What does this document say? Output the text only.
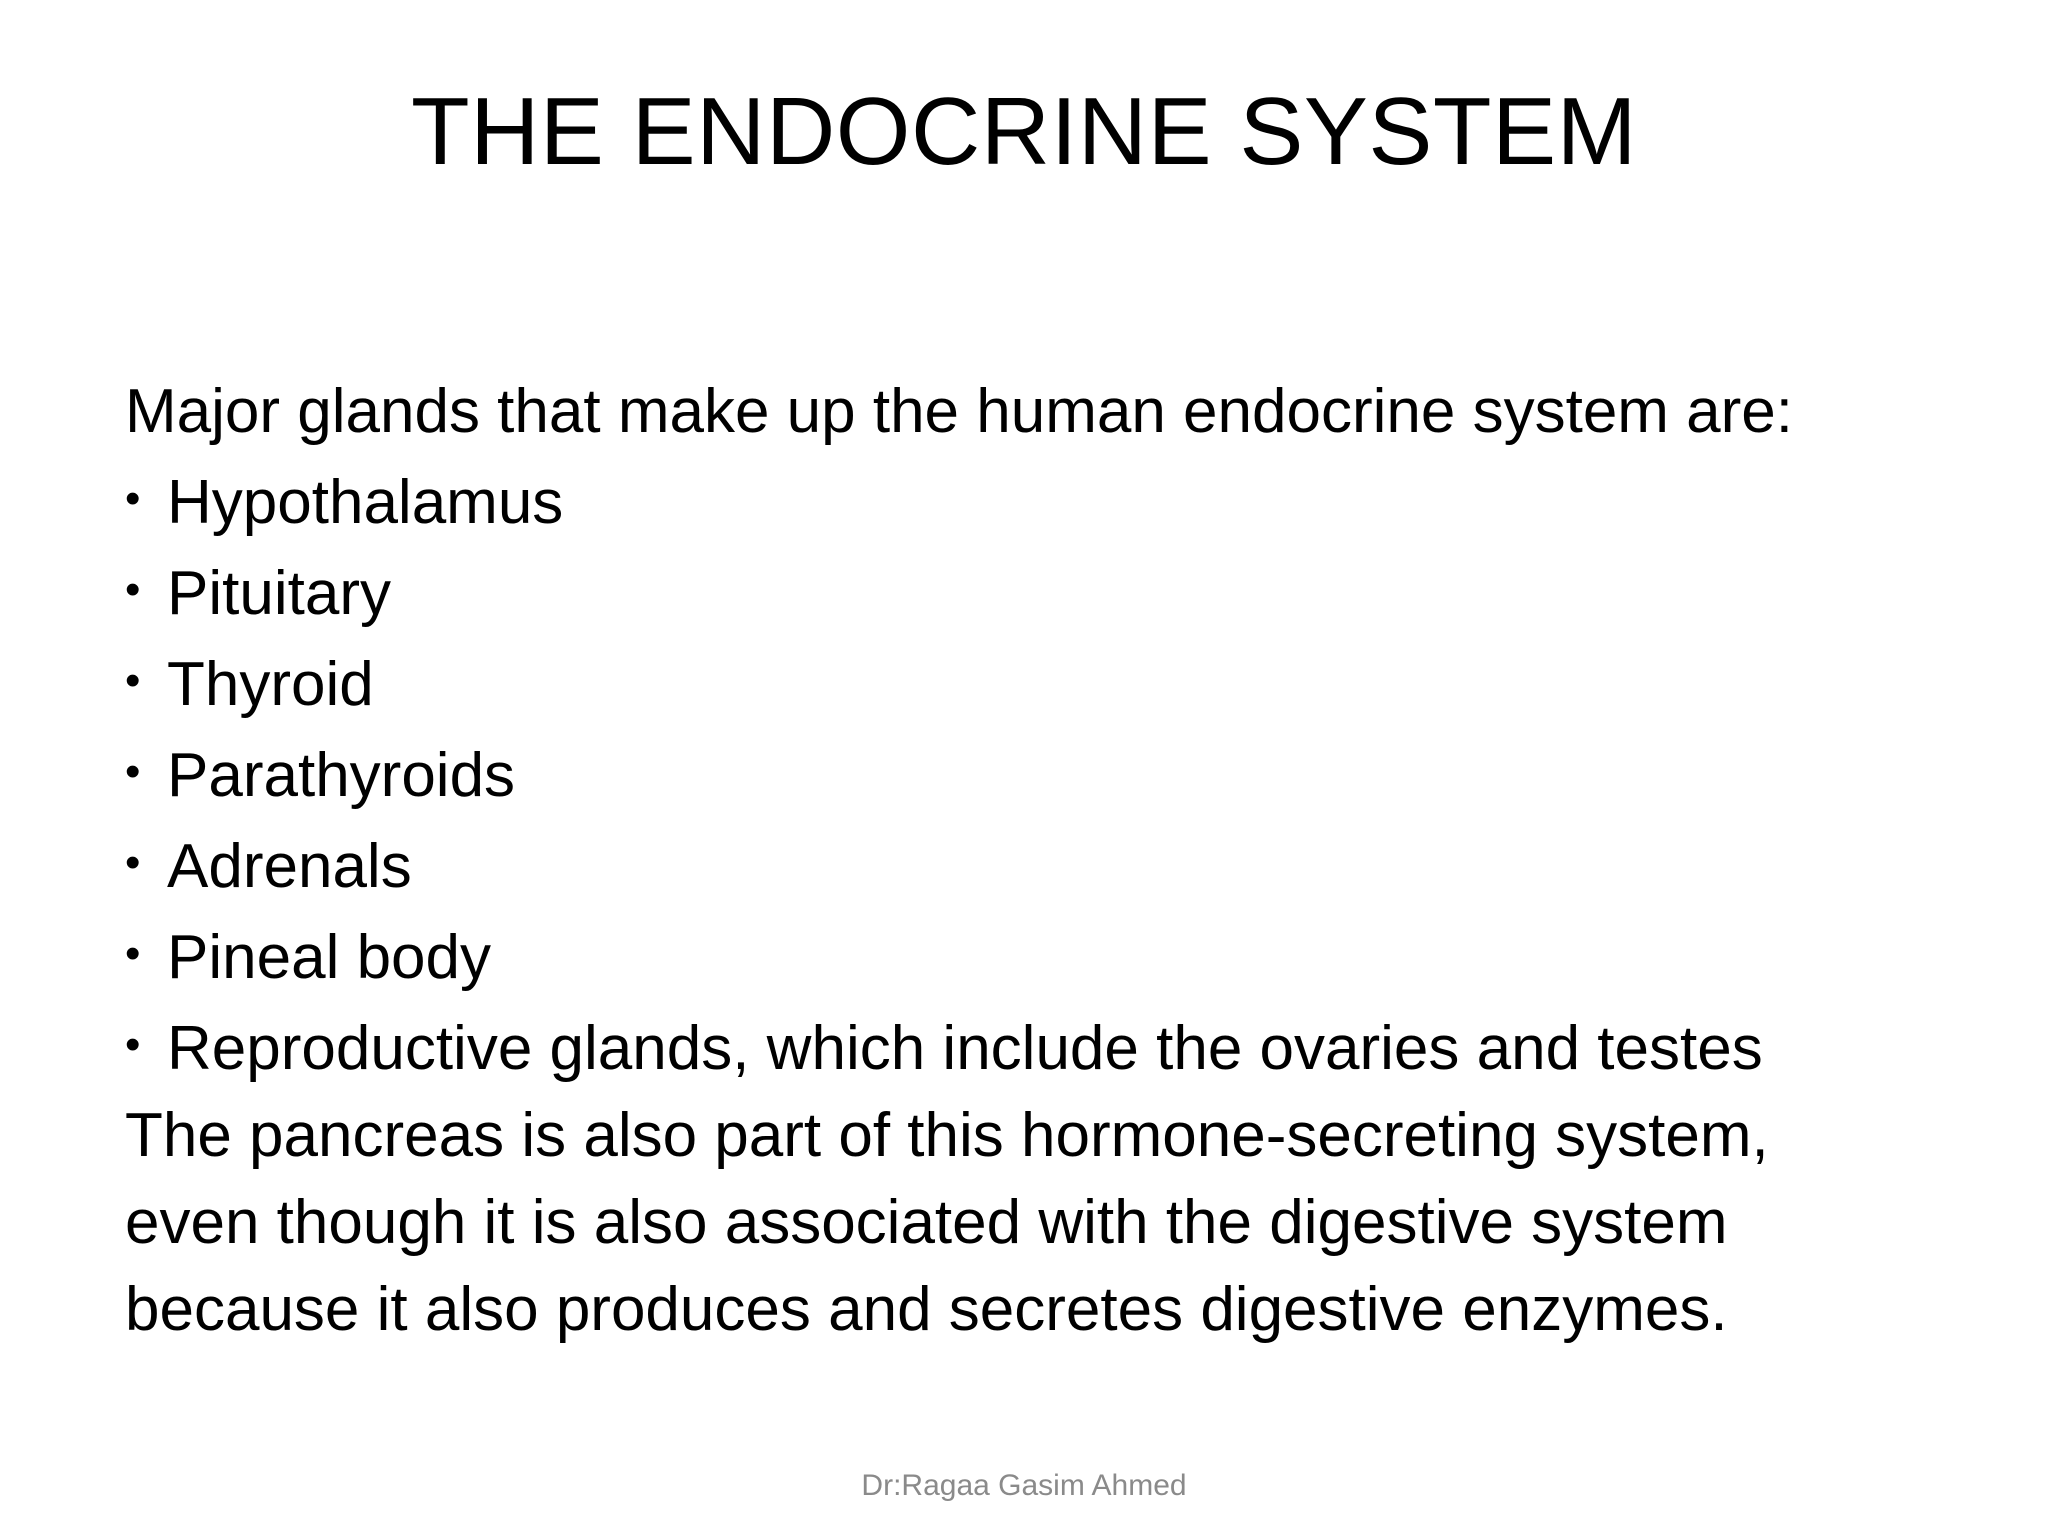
THE ENDOCRINE SYSTEM

Major glands that make up the human endocrine system are:

• Hypothalamus
• Pituitary
• Thyroid
• Parathyroids
• Adrenals
• Pineal body
• Reproductive glands, which include the ovaries and testes

The pancreas is also part of this hormone-secreting system,

even though it is also associated with the digestive system

because it also produces and secretes digestive enzymes.

Dr:Ragaa Gasim Ahmed
